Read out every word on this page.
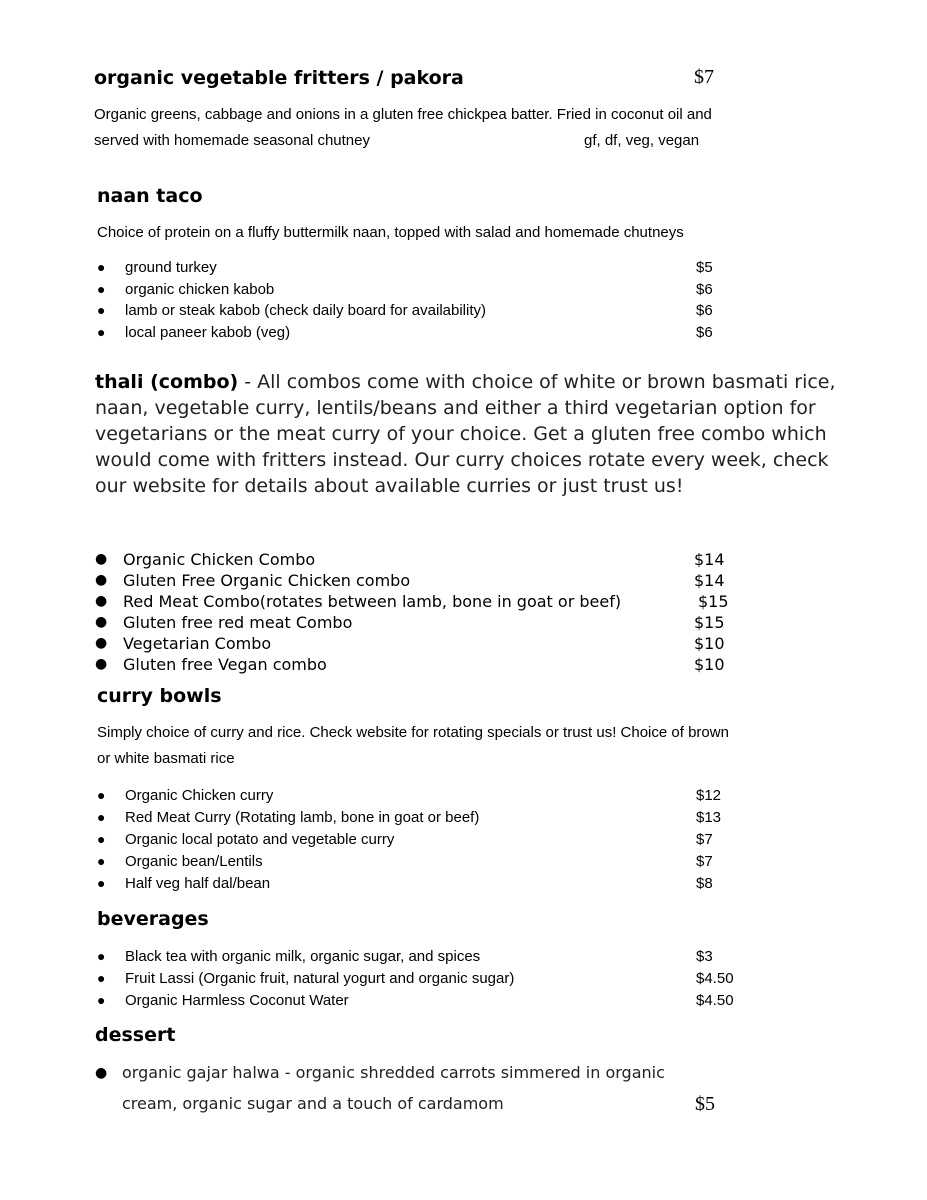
organic vegetable fritters / pakora	$7
Organic greens, cabbage and onions in a gluten free chickpea batter. Fried in coconut oil and
served with homemade seasonal chutney	gf, df, veg, vegan
naan taco
Choice of protein on a fluffy buttermilk naan, topped with salad and homemade chutneys
● ground turkey	$5
● organic chicken kabob	$6
● lamb or steak kabob (check daily board for availability)	$6
● local paneer kabob (veg)	$6
thali (combo) - All combos come with choice of white or brown basmati rice, naan, vegetable curry, lentils/beans and either a third vegetarian option for vegetarians or the meat curry of your choice. Get a gluten free combo which would come with fritters instead. Our curry choices rotate every week, check our website for details about available curries or just trust us!
● Organic Chicken Combo	$14
● Gluten Free Organic Chicken combo	$14
● Red Meat Combo(rotates between lamb, bone in goat or beef)	$15
● Gluten free red meat Combo	$15
● Vegetarian Combo	$10
● Gluten free Vegan combo	$10
curry bowls
Simply choice of curry and rice. Check website for rotating specials or trust us! Choice of brown
or white basmati rice
● Organic Chicken curry	$12
● Red Meat Curry (Rotating lamb, bone in goat or beef)	$13
● Organic local potato and vegetable curry	$7
● Organic bean/Lentils	$7
● Half veg half dal/bean	$8
beverages
● Black tea with organic milk, organic sugar, and spices	$3
● Fruit Lassi (Organic fruit, natural yogurt and organic sugar)	$4.50
● Organic Harmless Coconut Water	$4.50
dessert
● organic gajar halwa - organic shredded carrots simmered in organic
cream, organic sugar and a touch of cardamom	$5
